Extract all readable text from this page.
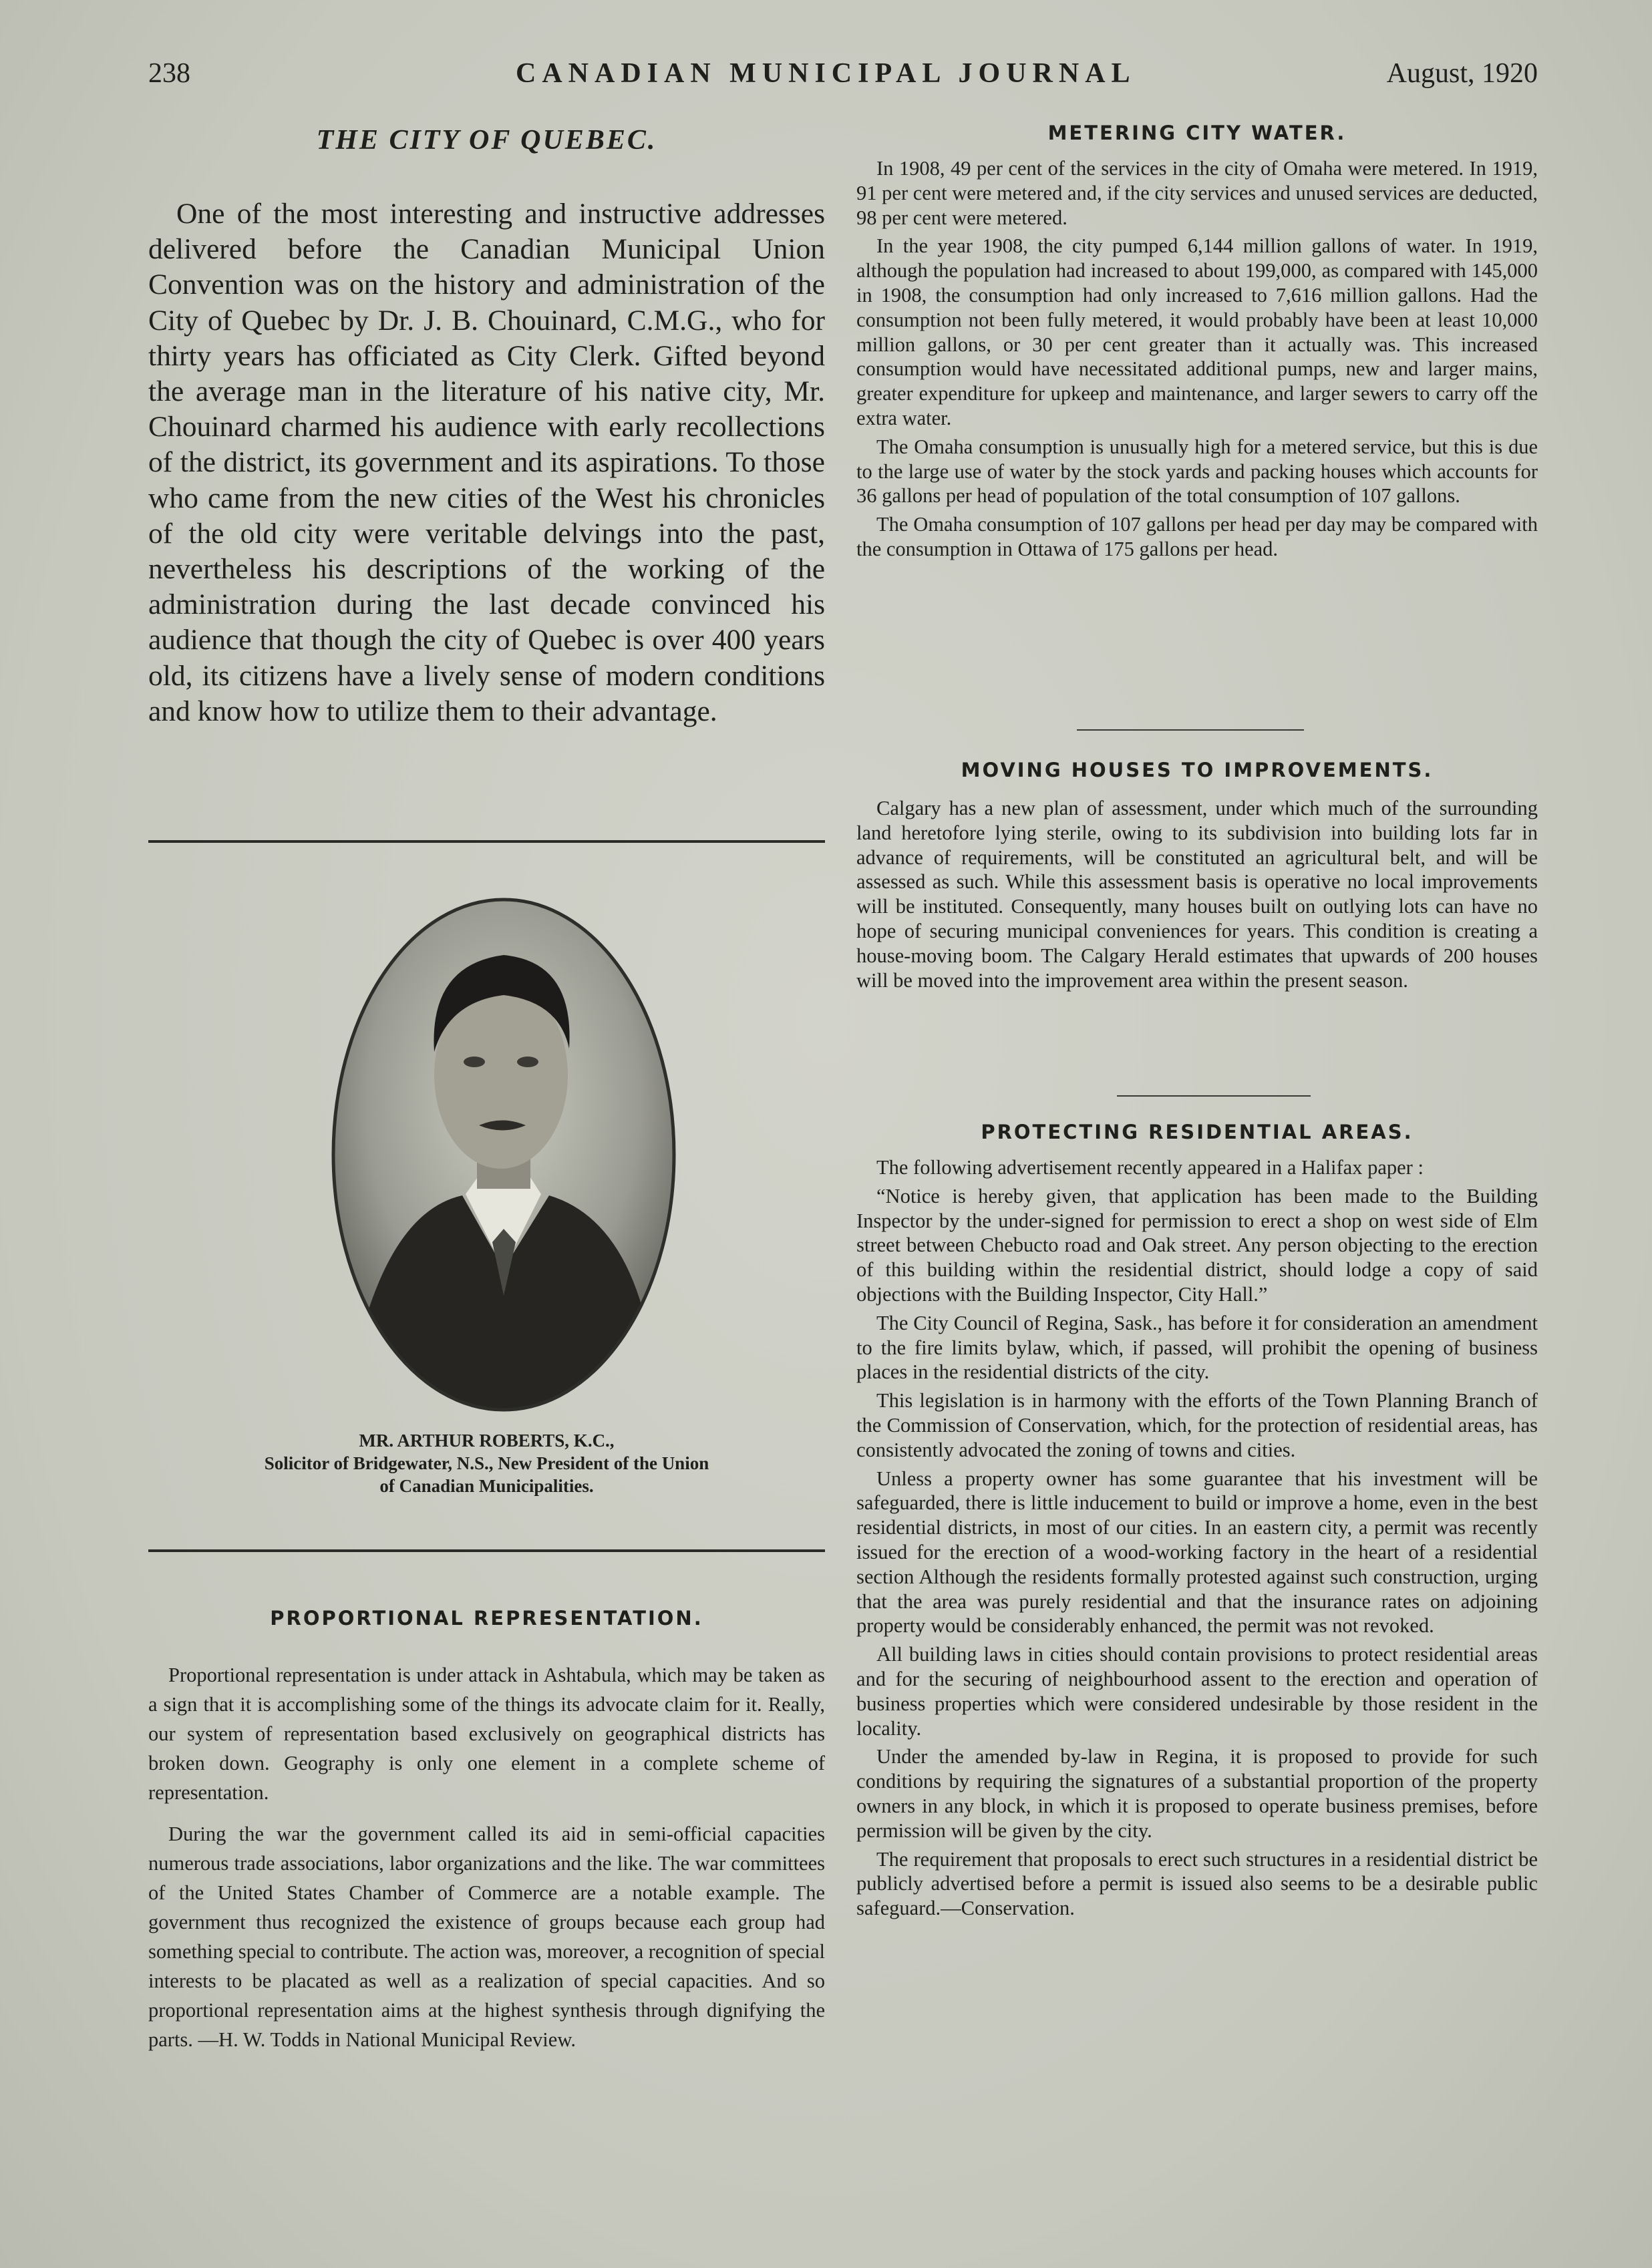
238	CANADIAN MUNICIPAL JOURNAL	August, 1920
THE CITY OF QUEBEC.

One of the most interesting and instructive addresses delivered before the Canadian Municipal Union Convention was on the history and administration of the City of Quebec by Dr. J. B. Chouinard, C.M.G., who for thirty years has officiated as City Clerk. Gifted beyond the average man in the literature of his native city, Mr. Chouinard charmed his audience with early recollections of the district, its government and its aspirations. To those who came from the new cities of the West his chronicles of the old city were veritable delvings into the past, nevertheless his descriptions of the working of the administration during the last decade convinced his audience that though the city of Quebec is over 400 years old, its citizens have a lively sense of modern conditions and know how to utilize them to their advantage.

MR. ARTHUR ROBERTS, K.C.,
Solicitor of Bridgewater, N.S., New President of the Union
of Canadian Municipalities.
PROPORTIONAL REPRESENTATION.

Proportional representation is under attack in Ashtabula, which may be taken as a sign that it is accomplishing some of the things its advocate claim for it. Really, our system of representation based exclusively on geographical districts has broken down. Geography is only one element in a complete scheme of representation.

During the war the government called its aid in semi-official capacities numerous trade associations, labor organizations and the like. The war committees of the United States Chamber of Commerce are a notable example. The government thus recognized the existence of groups because each group had something special to contribute. The action was, moreover, a recognition of special interests to be placated as well as a realization of special capacities. And so proportional representation aims at the highest synthesis through dignifying the parts. —H. W. Todds in National Municipal Review.

METERING CITY WATER.

In 1908, 49 per cent of the services in the city of Omaha were metered. In 1919, 91 per cent were metered and, if the city services and unused services are deducted, 98 per cent were metered.

In the year 1908, the city pumped 6,144 million gallons of water. In 1919, although the population had increased to about 199,000, as compared with 145,000 in 1908, the consumption had only increased to 7,616 million gallons. Had the consumption not been fully metered, it would probably have been at least 10,000 million gallons, or 30 per cent greater than it actually was. This increased consumption would have necessitated additional pumps, new and larger mains, greater expenditure for upkeep and maintenance, and larger sewers to carry off the extra water.

The Omaha consumption is unusually high for a metered service, but this is due to the large use of water by the stock yards and packing houses which accounts for 36 gallons per head of population of the total consumption of 107 gallons.

The Omaha consumption of 107 gallons per head per day may be compared with the consumption in Ottawa of 175 gallons per head.

MOVING HOUSES TO IMPROVEMENTS.

Calgary has a new plan of assessment, under which much of the surrounding land heretofore lying sterile, owing to its subdivision into building lots far in advance of requirements, will be constituted an agricultural belt, and will be assessed as such. While this assessment basis is operative no local improvements will be instituted. Consequently, many houses built on outlying lots can have no hope of securing municipal conveniences for years. This condition is creating a house-moving boom. The Calgary Herald estimates that upwards of 200 houses will be moved into the improvement area within the present season.

PROTECTING RESIDENTIAL AREAS.

The following advertisement recently appeared in a Halifax paper :

“Notice is hereby given, that application has been made to the Building Inspector by the under-signed for permission to erect a shop on west side of Elm street between Chebucto road and Oak street. Any person objecting to the erection of this building within the residential district, should lodge a copy of said objections with the Building Inspector, City Hall.”

The City Council of Regina, Sask., has before it for consideration an amendment to the fire limits bylaw, which, if passed, will prohibit the opening of business places in the residential districts of the city.

This legislation is in harmony with the efforts of the Town Planning Branch of the Commission of Conservation, which, for the protection of residential areas, has consistently advocated the zoning of towns and cities.

Unless a property owner has some guarantee that his investment will be safeguarded, there is little inducement to build or improve a home, even in the best residential districts, in most of our cities. In an eastern city, a permit was recently issued for the erection of a wood-working factory in the heart of a residential section Although the residents formally protested against such construction, urging that the area was purely residential and that the insurance rates on adjoining property would be considerably enhanced, the permit was not revoked.

All building laws in cities should contain provisions to protect residential areas and for the securing of neighbourhood assent to the erection and operation of business properties which were considered undesirable by those resident in the locality.

Under the amended by-law in Regina, it is proposed to provide for such conditions by requiring the signatures of a substantial proportion of the property owners in any block, in which it is proposed to operate business premises, before permission will be given by the city.

The requirement that proposals to erect such structures in a residential district be publicly advertised before a permit is issued also seems to be a desirable public safeguard.—Conservation.
